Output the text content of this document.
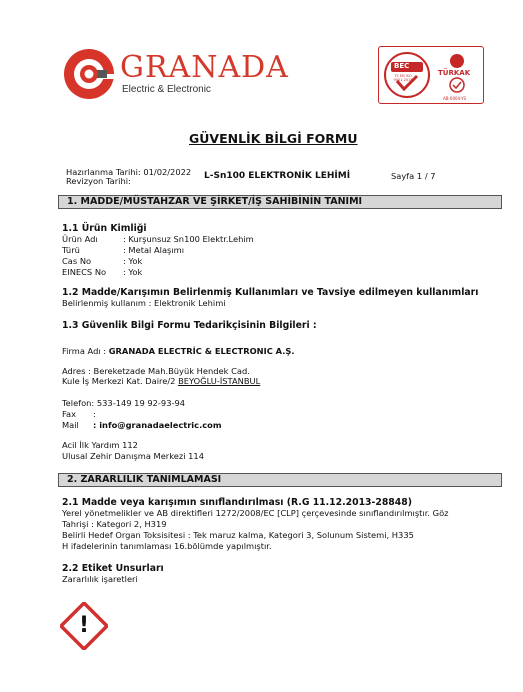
GRANADA
Electric & Electronic
BEC
TS EN ISO 9001:2015
TÜRKAK
AB-0004-YS
GÜVENLİK BİLGİ FORMU
Hazırlanma Tarihi: 01/02/2022
Revizyon Tarihi:	L-Sn100 ELEKTRONİK LEHİMİ	Sayfa 1 / 7
1. MADDE/MÜSTAHZAR VE ŞİRKET/İŞ SAHİBİNİN TANIMI
1.1 Ürün Kimliği
Ürün Adı	: Kurşunsuz Sn100 Elektr.Lehim
Türü	: Metal Alaşımı
Cas No	: Yok
EINECS No : Yok
1.2 Madde/Karışımın Belirlenmiş Kullanımları ve Tavsiye edilmeyen kullanımları
Belirlenmiş kullanım : Elektronik Lehimi
1.3 Güvenlik Bilgi Formu Tedarikçisinin Bilgileri :
Firma Adı : GRANADA ELECTRİC & ELECTRONIC A.Ş.
Adres : Bereketzade Mah.Büyük Hendek Cad.
Kule İş Merkezi Kat. Daire/2 BEYOĞLU-İSTANBUL
Telefon: 533-149 19 92-93-94
Fax :
Mail : info@granadaelectric.com
Acil İlk Yardım 112
Ulusal Zehir Danışma Merkezi 114
2. ZARARLILIK TANIMLAMASI
2.1 Madde veya karışımın sınıflandırılması (R.G 11.12.2013-28848)
Yerel yönetmelikler ve AB direktifleri 1272/2008/EC [CLP] çerçevesinde sınıflandırılmıştır. Göz
Tahrişi : Kategori 2, H319
Belirli Hedef Organ Toksisitesi : Tek maruz kalma, Kategori 3, Solunum Sistemi, H335
H ifadelerinin tanımlaması 16.bölümde yapılmıştır.
2.2 Etiket Unsurları
Zararlılık işaretleri
!
